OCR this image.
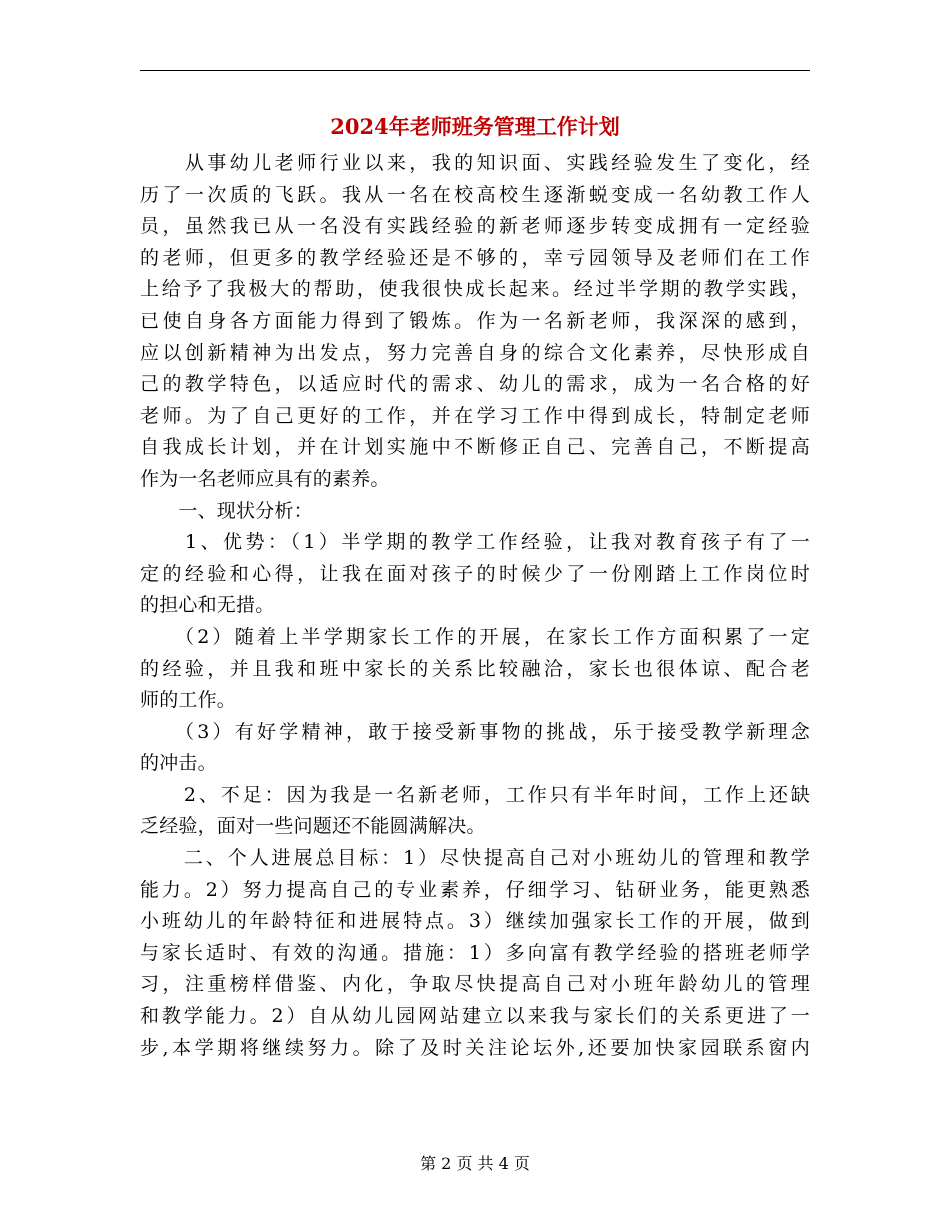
2024年老师班务管理工作计划
　　从事幼儿老师行业以来，我的知识面、实践经验发生了变化，经
历了一次质的飞跃。我从一名在校高校生逐渐蜕变成一名幼教工作人
员，虽然我已从一名没有实践经验的新老师逐步转变成拥有一定经验
的老师，但更多的教学经验还是不够的，幸亏园领导及老师们在工作
上给予了我极大的帮助，使我很快成长起来。经过半学期的教学实践，
已使自身各方面能力得到了锻炼。作为一名新老师，我深深的感到，
应以创新精神为出发点，努力完善自身的综合文化素养，尽快形成自
己的教学特色，以适应时代的需求、幼儿的需求，成为一名合格的好
老师。为了自己更好的工作，并在学习工作中得到成长，特制定老师
自我成长计划，并在计划实施中不断修正自己、完善自己，不断提高
作为一名老师应具有的素养。
　　一、现状分析：
　　1、优势：（1）半学期的教学工作经验，让我对教育孩子有了一
定的经验和心得，让我在面对孩子的时候少了一份刚踏上工作岗位时
的担心和无措。
　　（2）随着上半学期家长工作的开展，在家长工作方面积累了一定
的经验，并且我和班中家长的关系比较融洽，家长也很体谅、配合老
师的工作。
　　（3）有好学精神，敢于接受新事物的挑战，乐于接受教学新理念
的冲击。
　　2、不足：因为我是一名新老师，工作只有半年时间，工作上还缺
乏经验，面对一些问题还不能圆满解决。
　　二、个人进展总目标：1）尽快提高自己对小班幼儿的管理和教学
能力。2）努力提高自己的专业素养，仔细学习、钻研业务，能更熟悉
小班幼儿的年龄特征和进展特点。3）继续加强家长工作的开展，做到
与家长适时、有效的沟通。措施：1）多向富有教学经验的搭班老师学
习，注重榜样借鉴、内化，争取尽快提高自己对小班年龄幼儿的管理
和教学能力。2）自从幼儿园网站建立以来我与家长们的关系更进了一
步,本学期将继续努力。除了及时关注论坛外,还要加快家园联系窗内
第 2 页 共 4 页
